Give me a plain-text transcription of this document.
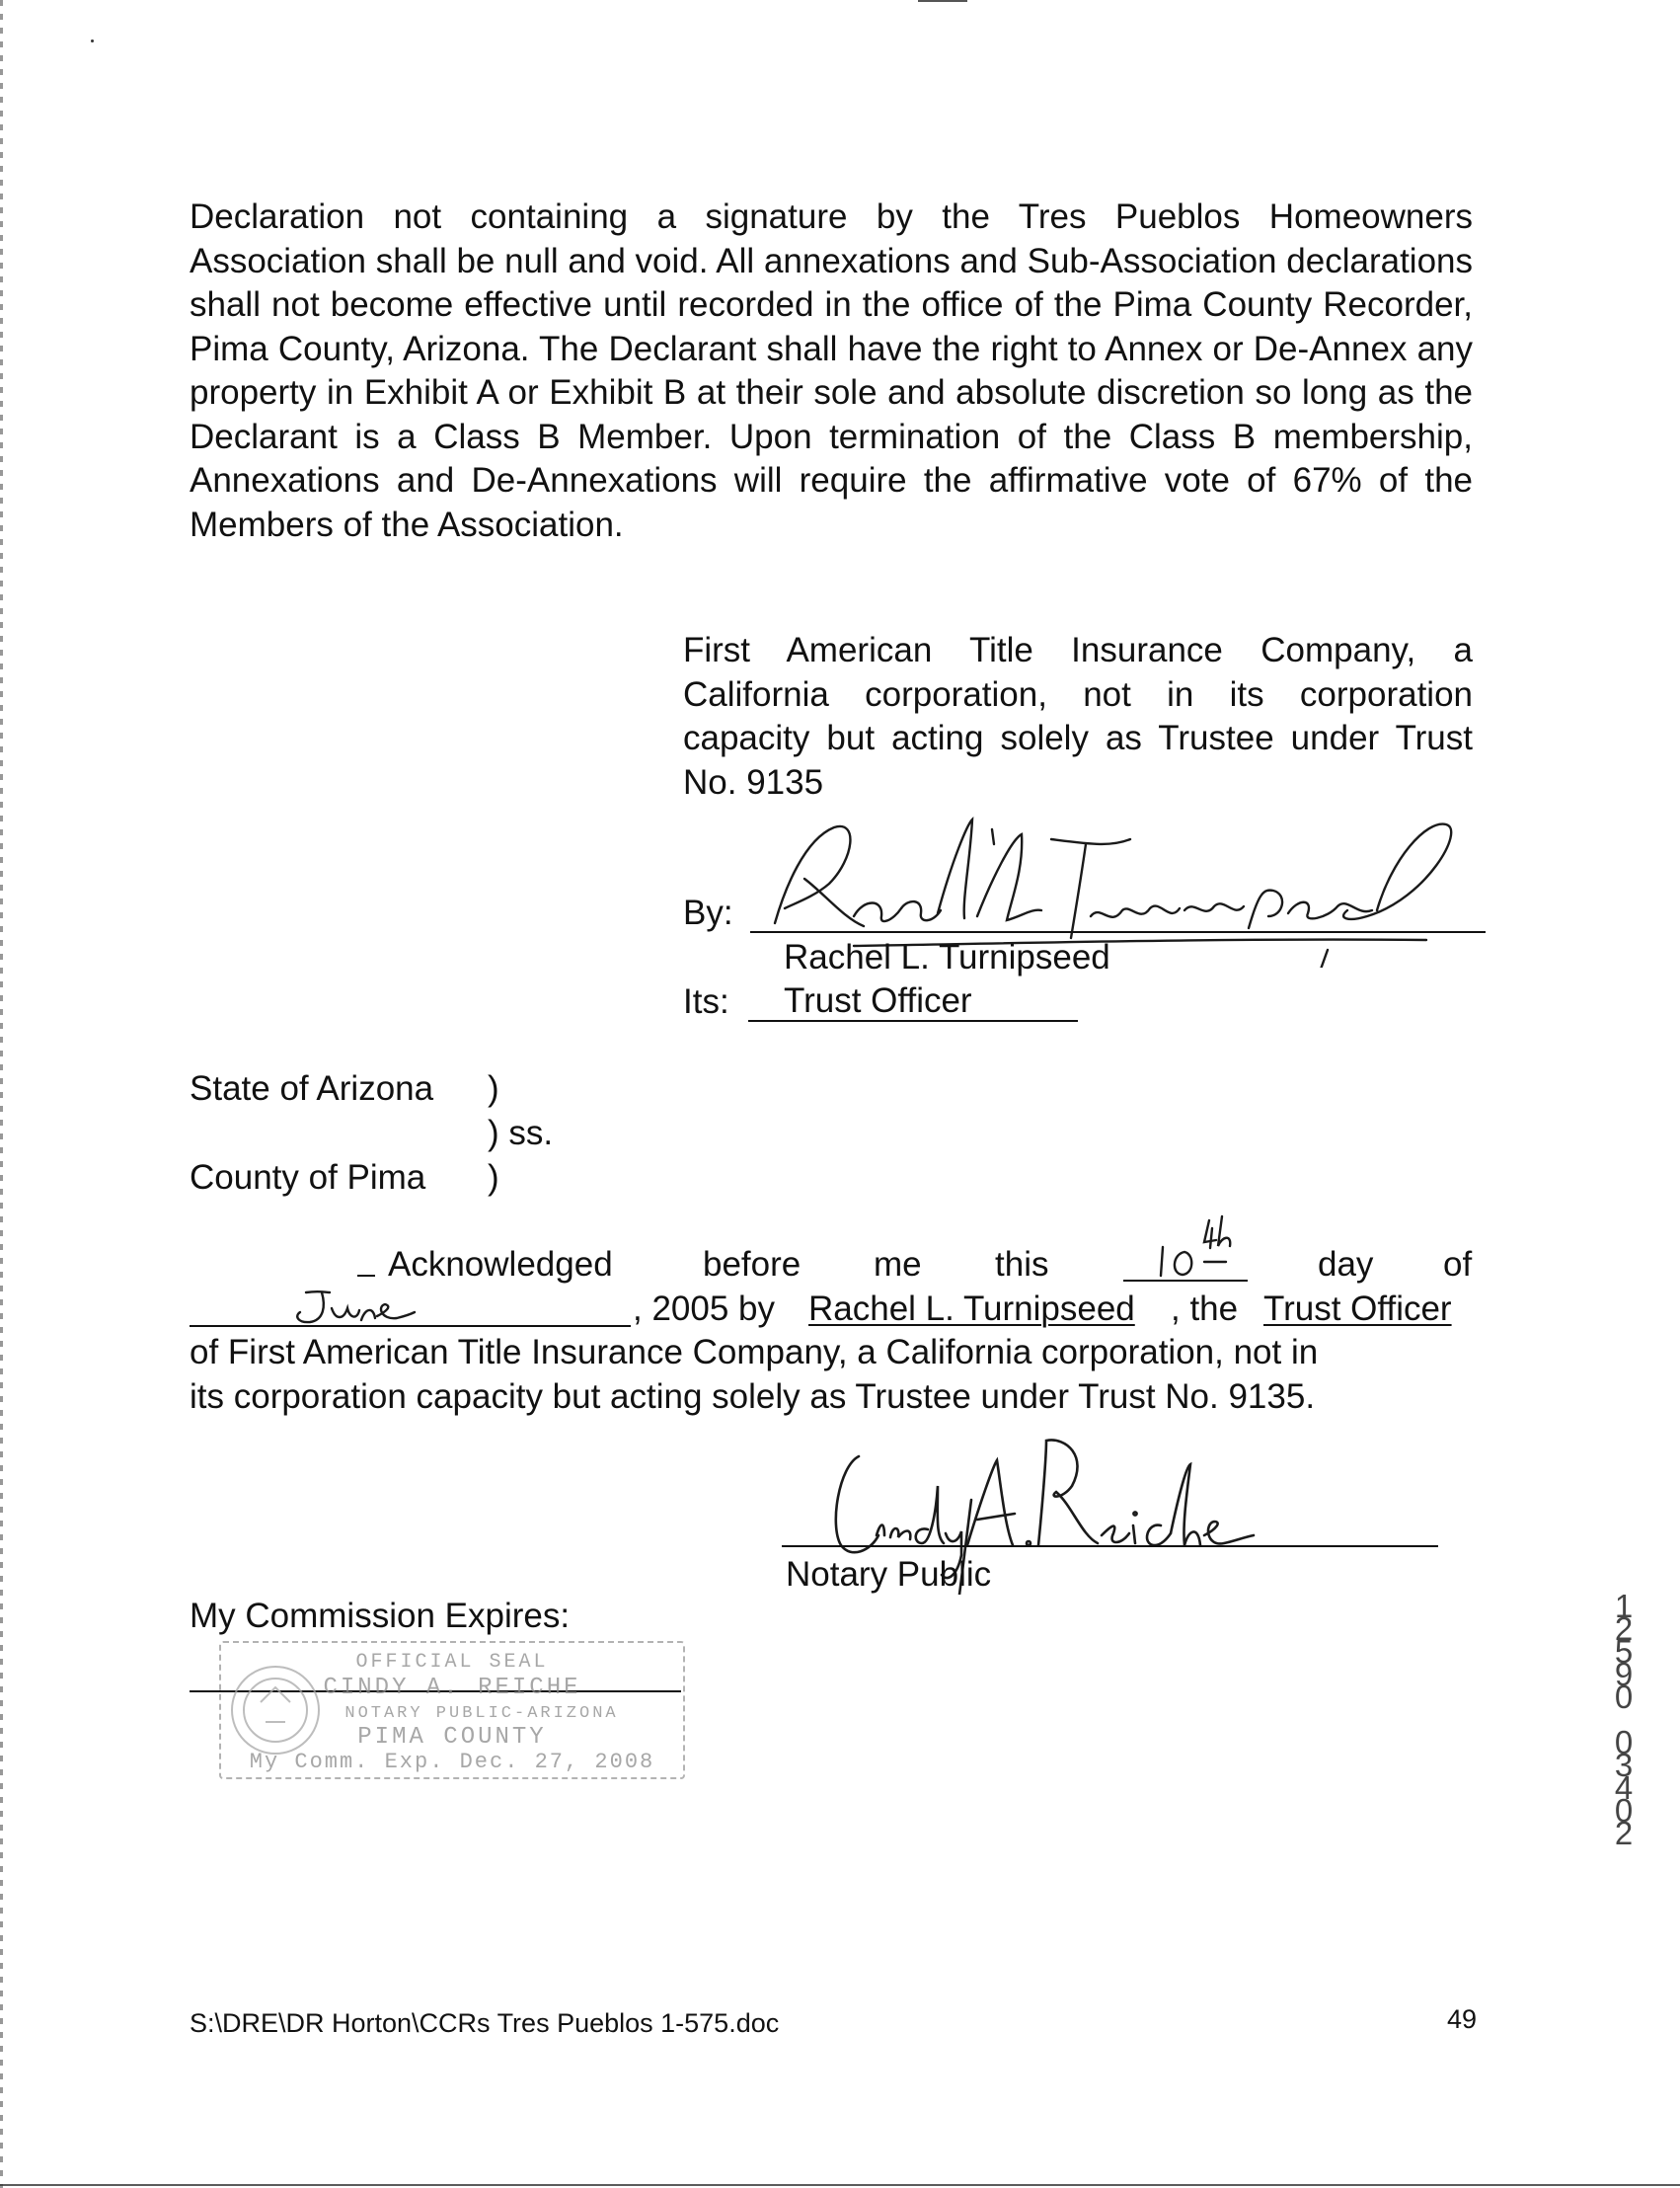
Declaration not containing a signature by the Tres Pueblos Homeowners Association shall be null and void. All annexations and Sub-Association declarations shall not become effective until recorded in the office of the Pima County Recorder, Pima County, Arizona. The Declarant shall have the right to Annex or De-Annex any property in Exhibit A or Exhibit B at their sole and absolute discretion so long as the Declarant is a Class B Member. Upon termination of the Class B membership, Annexations and De-Annexations will require the affirmative vote of 67% of the Members of the Association.

First American Title Insurance Company, a California corporation, not in its corporation capacity but acting solely as Trustee under Trust No. 9135

By:
Rachel L. Turnipseed
Its:	Trust Officer
State of Arizona )
) ss.
County of Pima )
Acknowledged	before me this	day of
, 2005 by Rachel L. Turnipseed , the Trust Officer
of First American Title Insurance Company, a California corporation, not in
its corporation capacity but acting solely as Trustee under Trust No. 9135.
Notary Public
My Commission Expires:
OFFICIAL SEAL
CINDY A. REICHE
NOTARY PUBLIC-ARIZONA
PIMA COUNTY
My Comm. Exp. Dec. 27, 2008
1
2
5
9
0

0
3
4
0
2
S:\DRE\DR Horton\CCRs Tres Pueblos 1-575.doc	49
